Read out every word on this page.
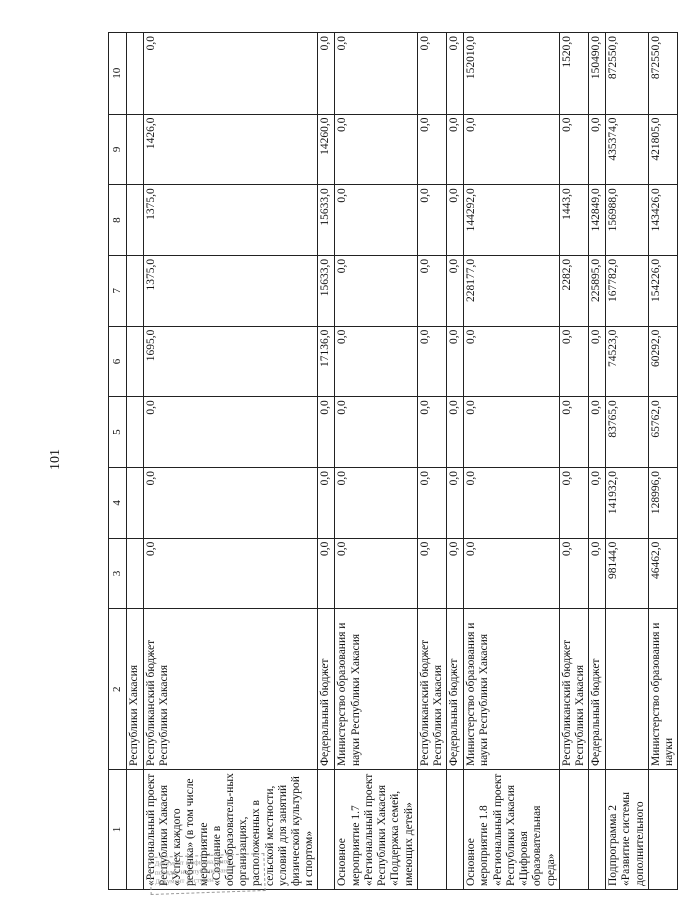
101
1	2	3	4	5	6	7	8	9	10
	Республики Хакасия	

«Региональный проект Республики Хакасия «Успех каждого ребенка» (в том числе мероприятие «Создание в общеобразователь-ных организациях, расположенных в сельской местности, условий для занятий физической культурой и спортом»	Республиканский бюджет Республики Хакасия	0,0	0,0	0,0	1695,0	1375,0	1375,0	1426,0	0,0

	Федеральный бюджет	0,0	0,0	0,0	17136,0	15633,0	15633,0	14260,0	0,0

Основное мероприятие 1.7 «Региональный проект Республики Хакасия «Поддержка семей, имеющих детей»	Министерство образования и науки Республики Хакасия	0,0	0,0	0,0	0,0	0,0	0,0	0,0	0,0

	Республиканский бюджет Республики Хакасия	0,0	0,0	0,0	0,0	0,0	0,0	0,0	0,0

	Федеральный бюджет	0,0	0,0	0,0	0,0	0,0	0,0	0,0	0,0

Основное мероприятие 1.8 «Региональный проект Республики Хакасия «Цифровая образовательная среда»	Министерство образования и науки Республики Хакасия	0,0	0,0	0,0	0,0	228177,0	144292,0	0,0	152010,0

	Республиканский бюджет Республики Хакасия	0,0	0,0	0,0	0,0	2282,0	1443,0	0,0	1520,0

	Федеральный бюджет	0,0	0,0	0,0	0,0	225895,0	142849,0	0,0	150490,0

Подпрограмма 2 «Развитие системы дополнительного		98144,0	141932,0	83765,0	74523,0	167782,0	156988,0	435374,0	872550,0

	Министерство образования и науки	46462,0	128996,0	65762,0	60292,0	154226,0	143426,0	421805,0	872550,0
Документ в официальном
порядке не опубликован
Документ доступен ...
